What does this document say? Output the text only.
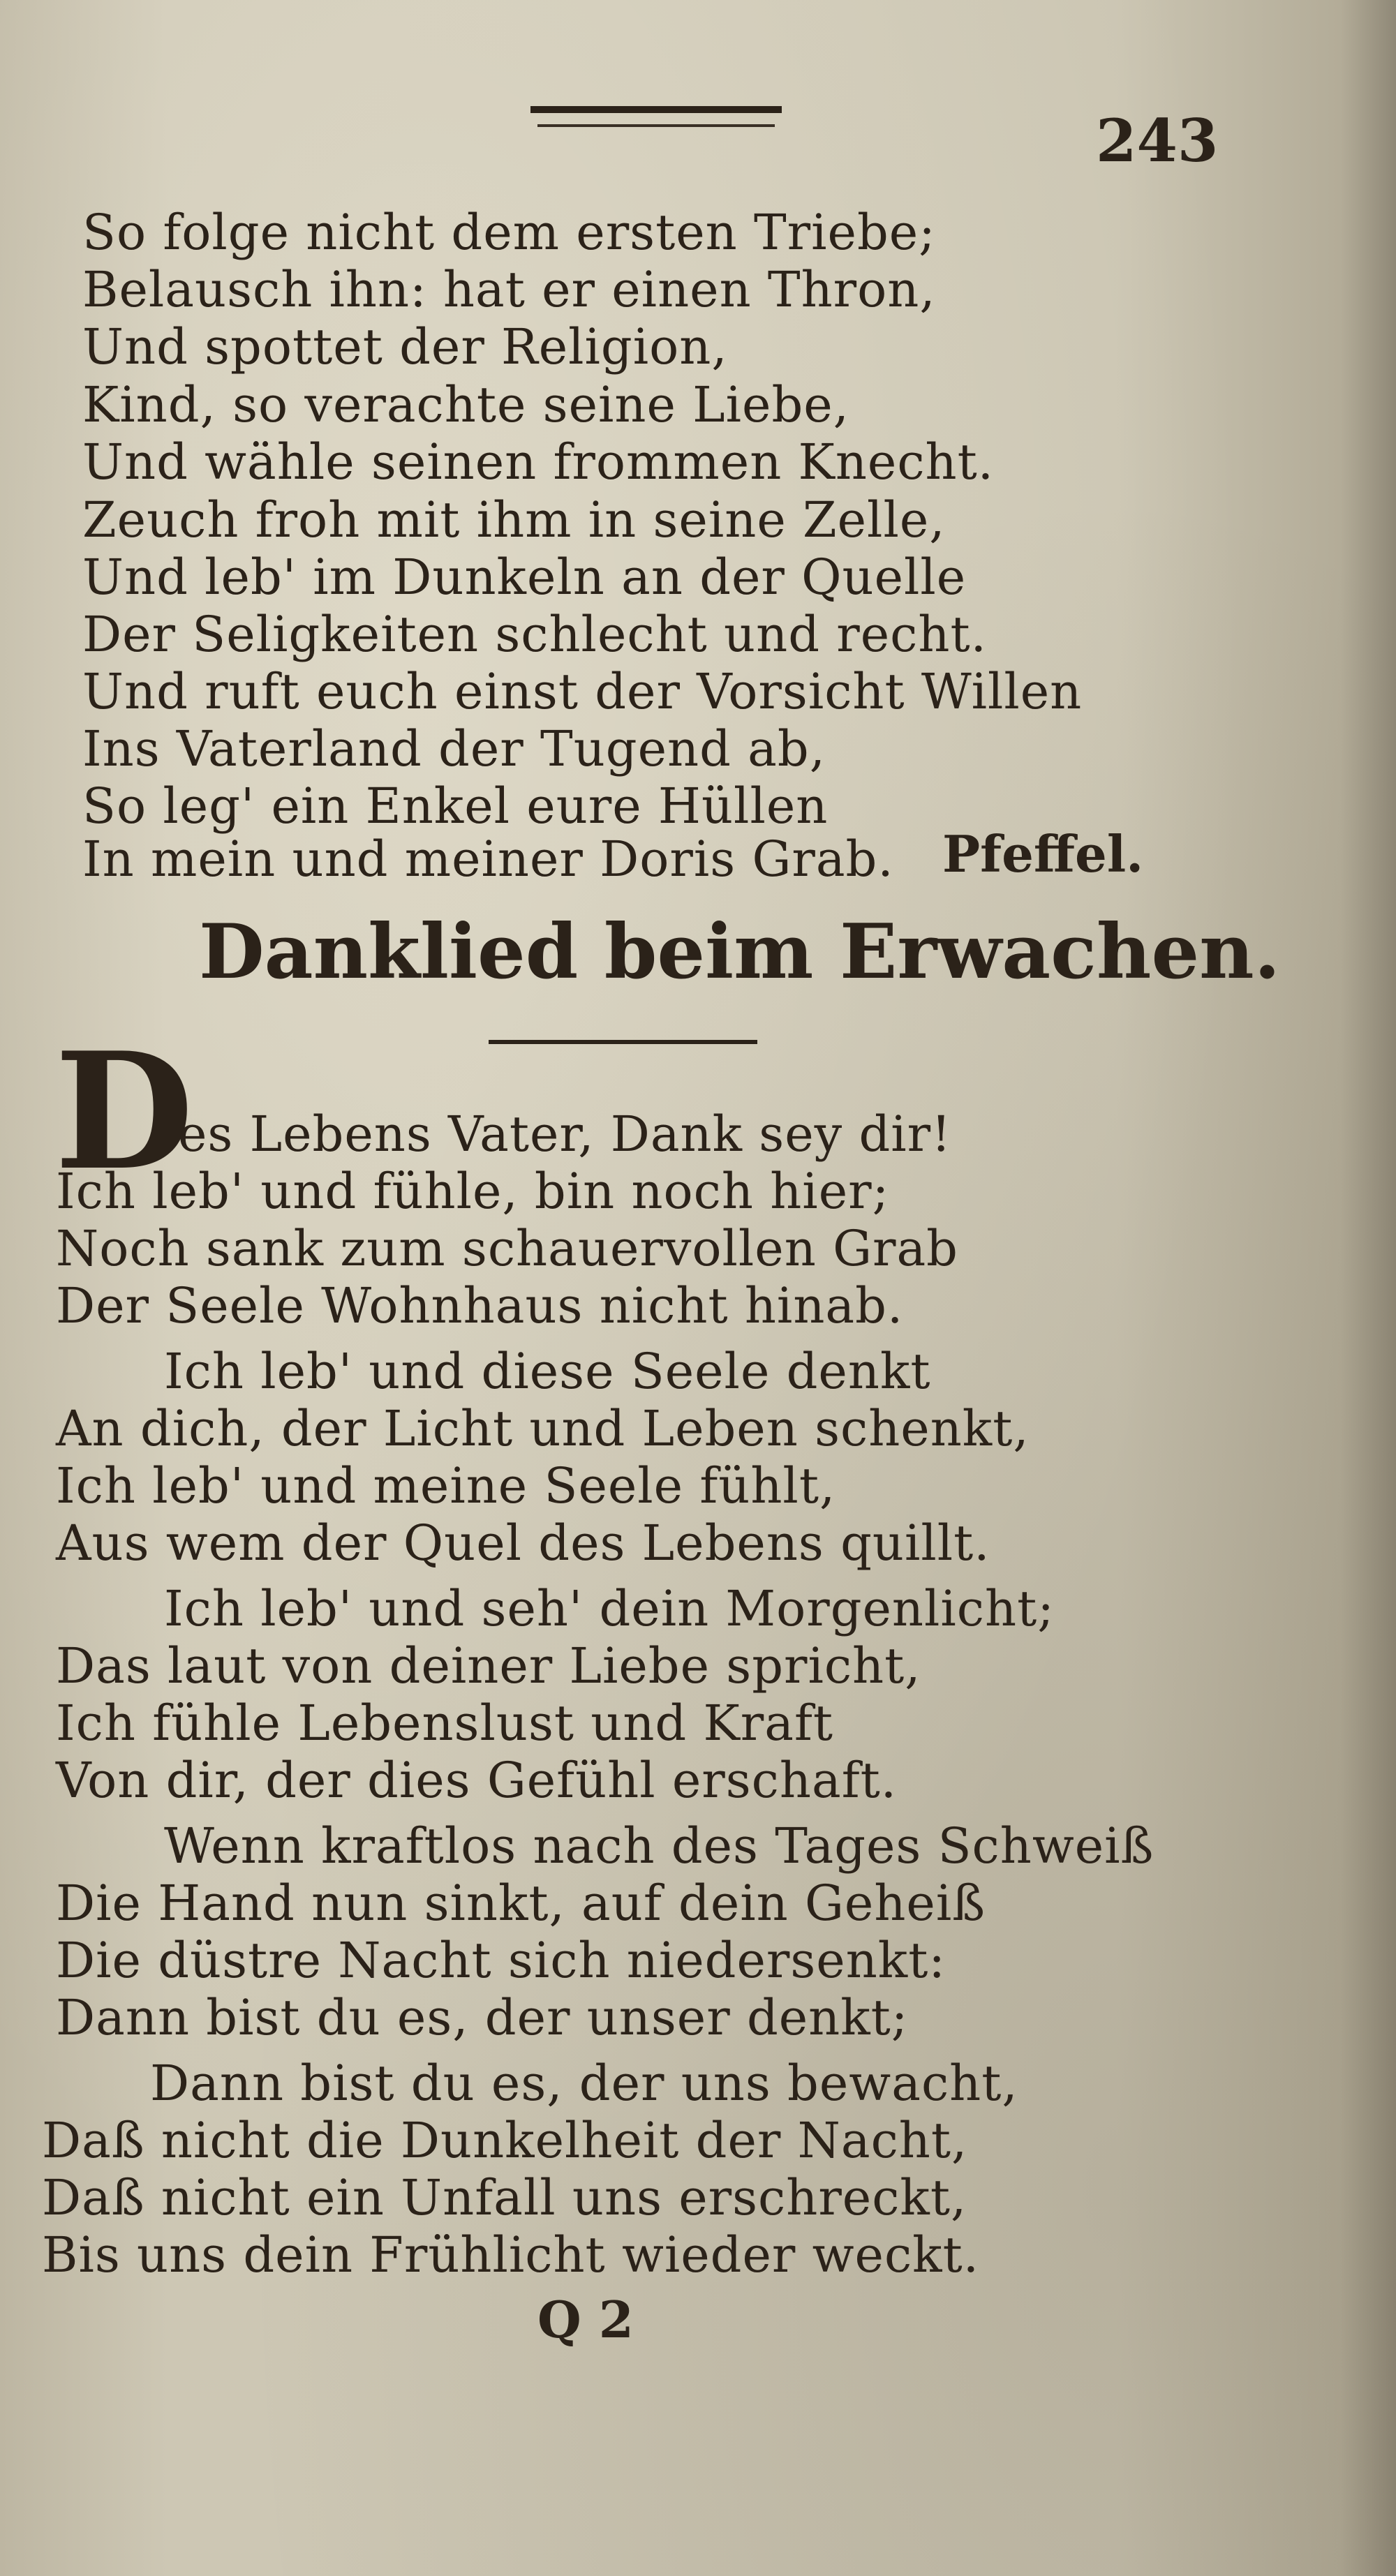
243
So folge nicht dem ersten Triebe;
Belausch ihn: hat er einen Thron,
Und spottet der Religion,
Kind, so verachte seine Liebe,
Und wähle seinen frommen Knecht.
Zeuch froh mit ihm in seine Zelle,
Und leb' im Dunkeln an der Quelle
Der Seligkeiten schlecht und recht.
Und ruft euch einst der Vorsicht Willen
Ins Vaterland der Tugend ab,
So leg' ein Enkel eure Hüllen
In mein und meiner Doris Grab. Pfeffel.
Danklied beim Erwachen.
D
es Lebens Vater, Dank sey dir!
Ich leb' und fühle, bin noch hier;
Noch sank zum schauervollen Grab
Der Seele Wohnhaus nicht hinab.
Ich leb' und diese Seele denkt
An dich, der Licht und Leben schenkt,
Ich leb' und meine Seele fühlt,
Aus wem der Quel des Lebens quillt.
Ich leb' und seh' dein Morgenlicht;
Das laut von deiner Liebe spricht,
Ich fühle Lebenslust und Kraft
Von dir, der dies Gefühl erschaft.
Wenn kraftlos nach des Tages Schweiß
Die Hand nun sinkt, auf dein Geheiß
Die düstre Nacht sich niedersenkt:
Dann bist du es, der unser denkt;
Dann bist du es, der uns bewacht,
Daß nicht die Dunkelheit der Nacht,
Daß nicht ein Unfall uns erschreckt,
Bis uns dein Frühlicht wieder weckt.
Q 2
